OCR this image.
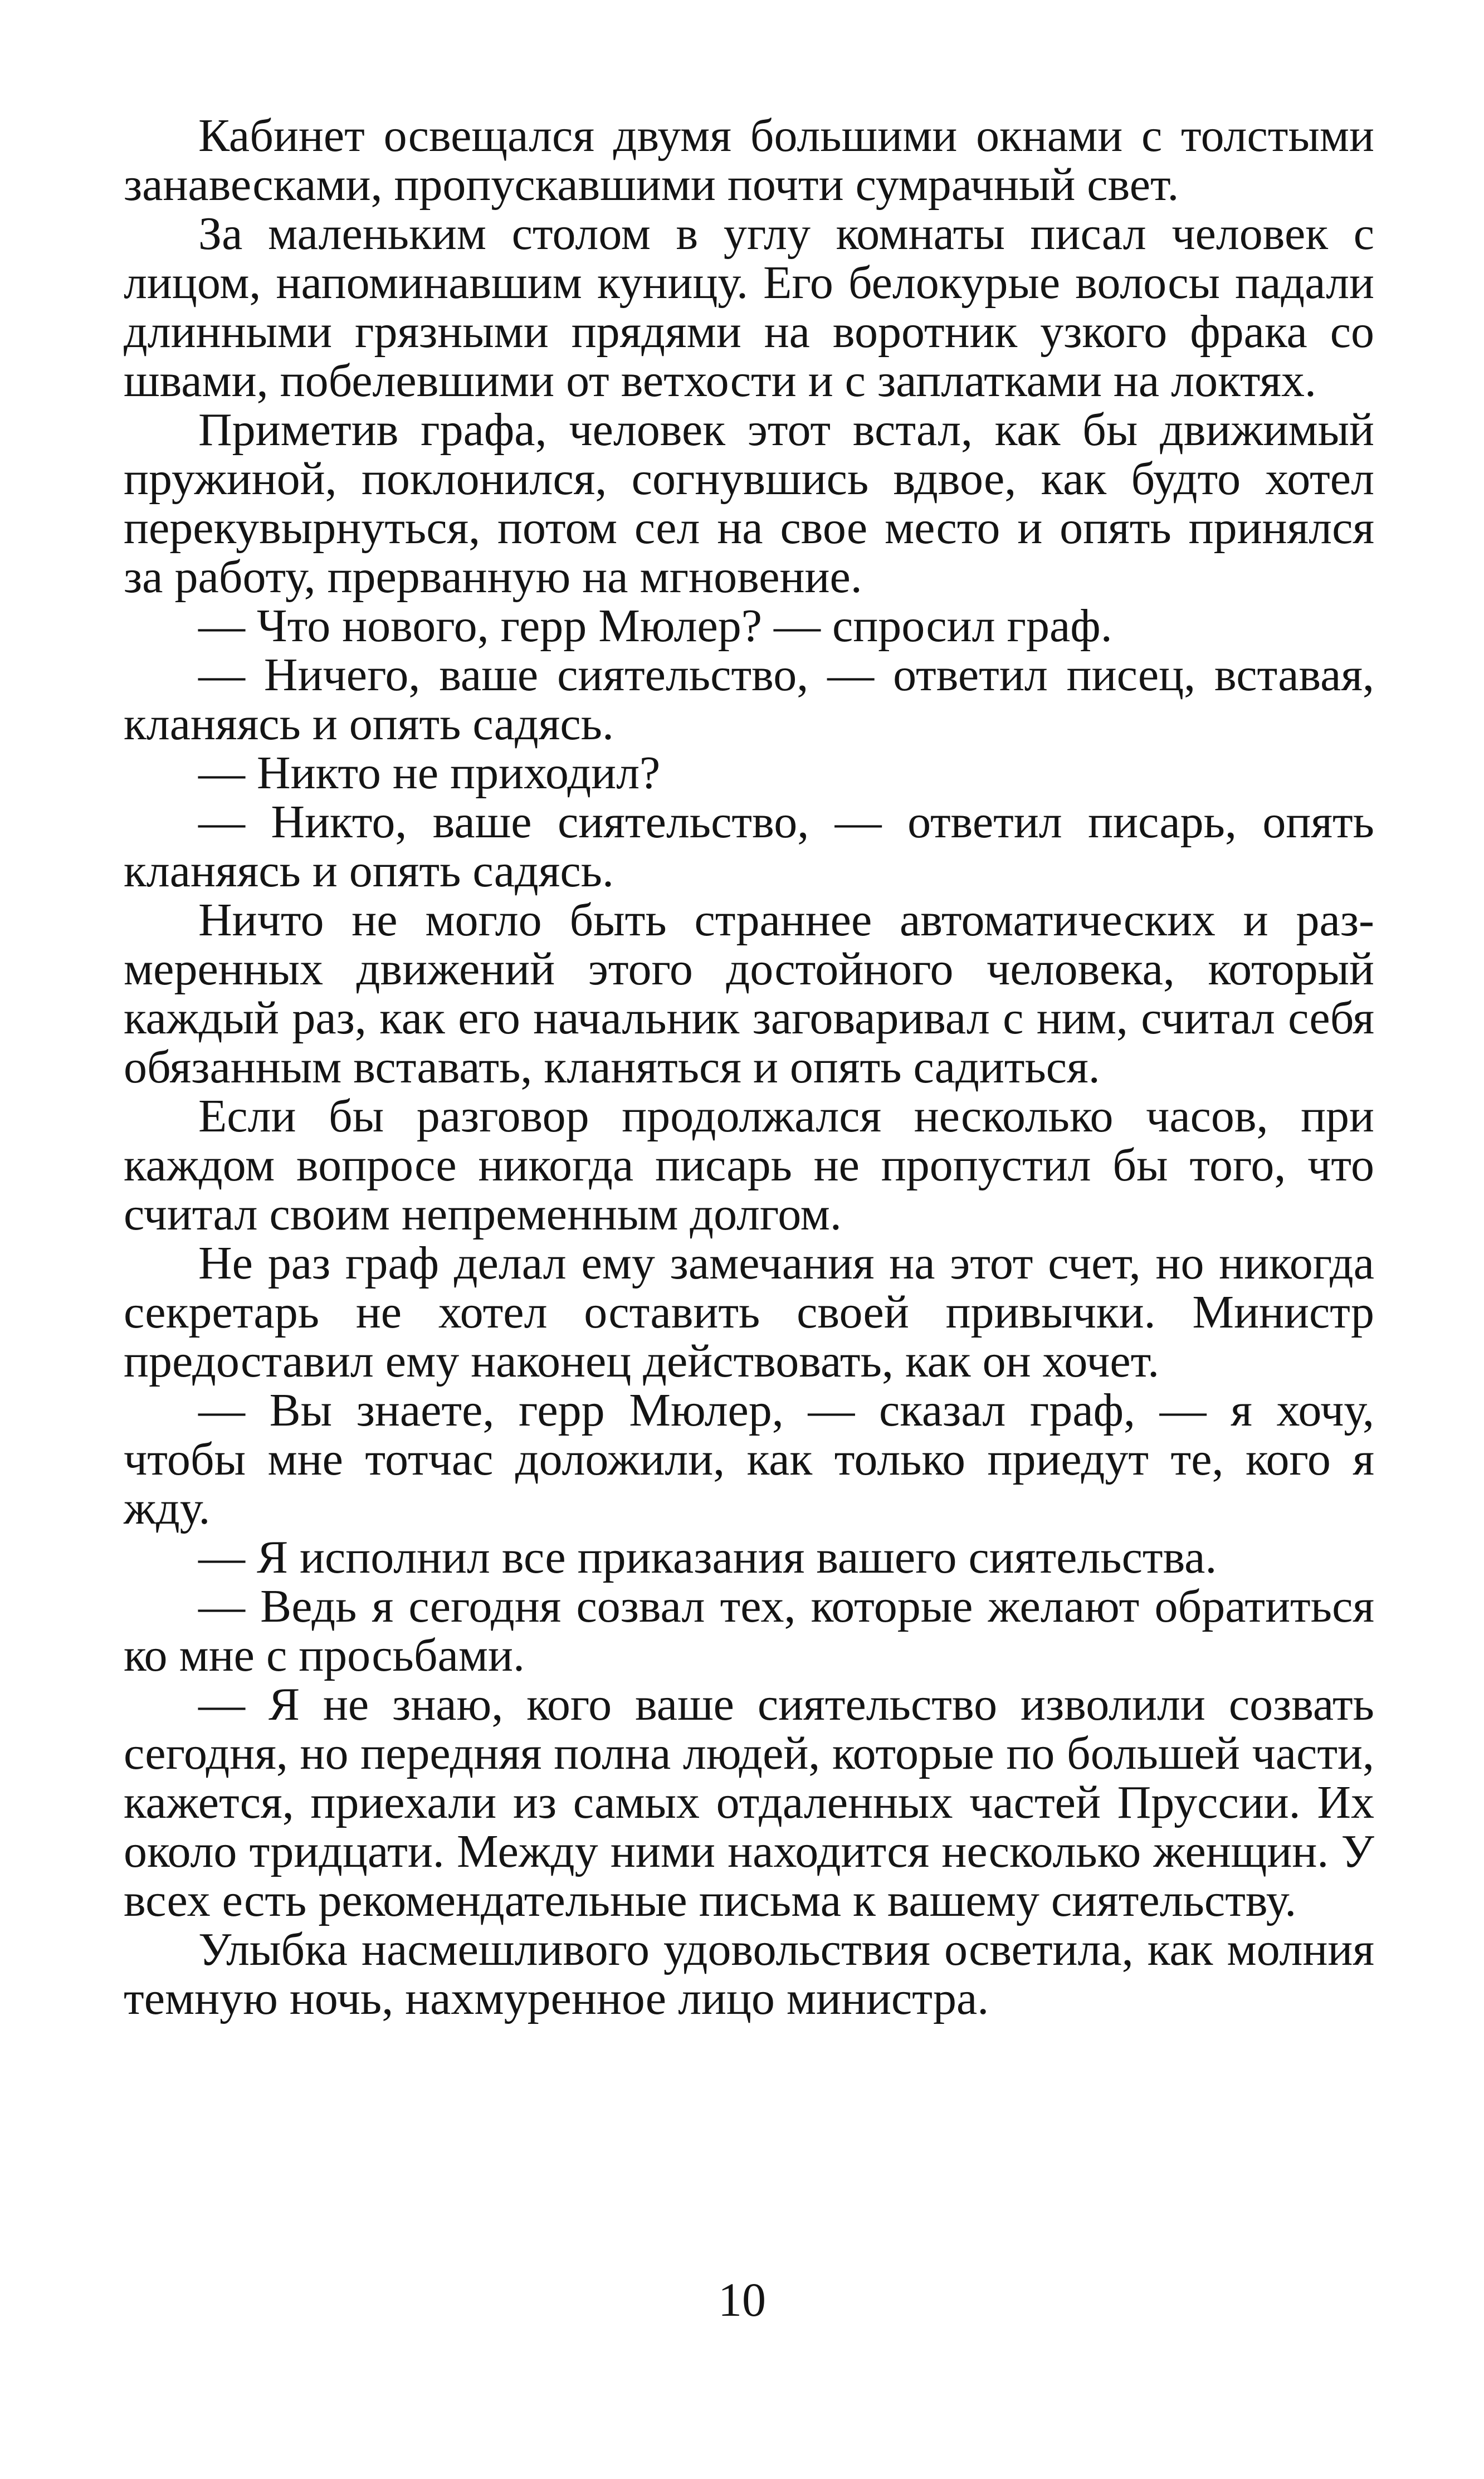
Кабинет освещался двумя большими окнами с толстыми занавесками, пропускавшими почти сумрачный свет.

За маленьким столом в углу комнаты писал человек с лицом, напоминавшим куницу. Его белокурые волосы падали длинными грязными прядями на воротник узкого фрака со швами, побелевшими от ветхости и с заплатками на локтях.

Приметив графа, человек этот встал, как бы движимый пружиной, поклонился, согнувшись вдвое, как будто хотел перекувырнуться, потом сел на свое место и опять принялся за работу, прерванную на мгновение.

— Что нового, герр Мюлер? — спросил граф.

— Ничего, ваше сиятельство, — ответил писец, вставая, кланяясь и опять садясь.

— Никто не приходил?

— Никто, ваше сиятельство, — ответил писарь, опять кланяясь и опять садясь.

Ничто не могло быть страннее автоматических и размеренных движений этого достойного человека, который каждый раз, как его начальник заговаривал с ним, считал себя обязанным вставать, кланяться и опять садиться.

Если бы разговор продолжался несколько часов, при каждом вопросе никогда писарь не пропустил бы того, что считал своим непременным долгом.

Не раз граф делал ему замечания на этот счет, но никогда секретарь не хотел оставить своей привычки. Министр предоставил ему наконец действовать, как он хочет.

— Вы знаете, герр Мюлер, — сказал граф, — я хочу, чтобы мне тотчас доложили, как только приедут те, кого я жду.

— Я исполнил все приказания вашего сиятельства.

— Ведь я сегодня созвал тех, которые желают обратиться ко мне с просьбами.

— Я не знаю, кого ваше сиятельство изволили созвать сегодня, но передняя полна людей, которые по большей части, кажется, приехали из самых отдаленных частей Пруссии. Их около тридцати. Между ними находится несколько женщин. У всех есть рекомендательные письма к вашему сиятельству.

Улыбка насмешливого удовольствия осветила, как молния темную ночь, нахмуренное лицо министра.

10
